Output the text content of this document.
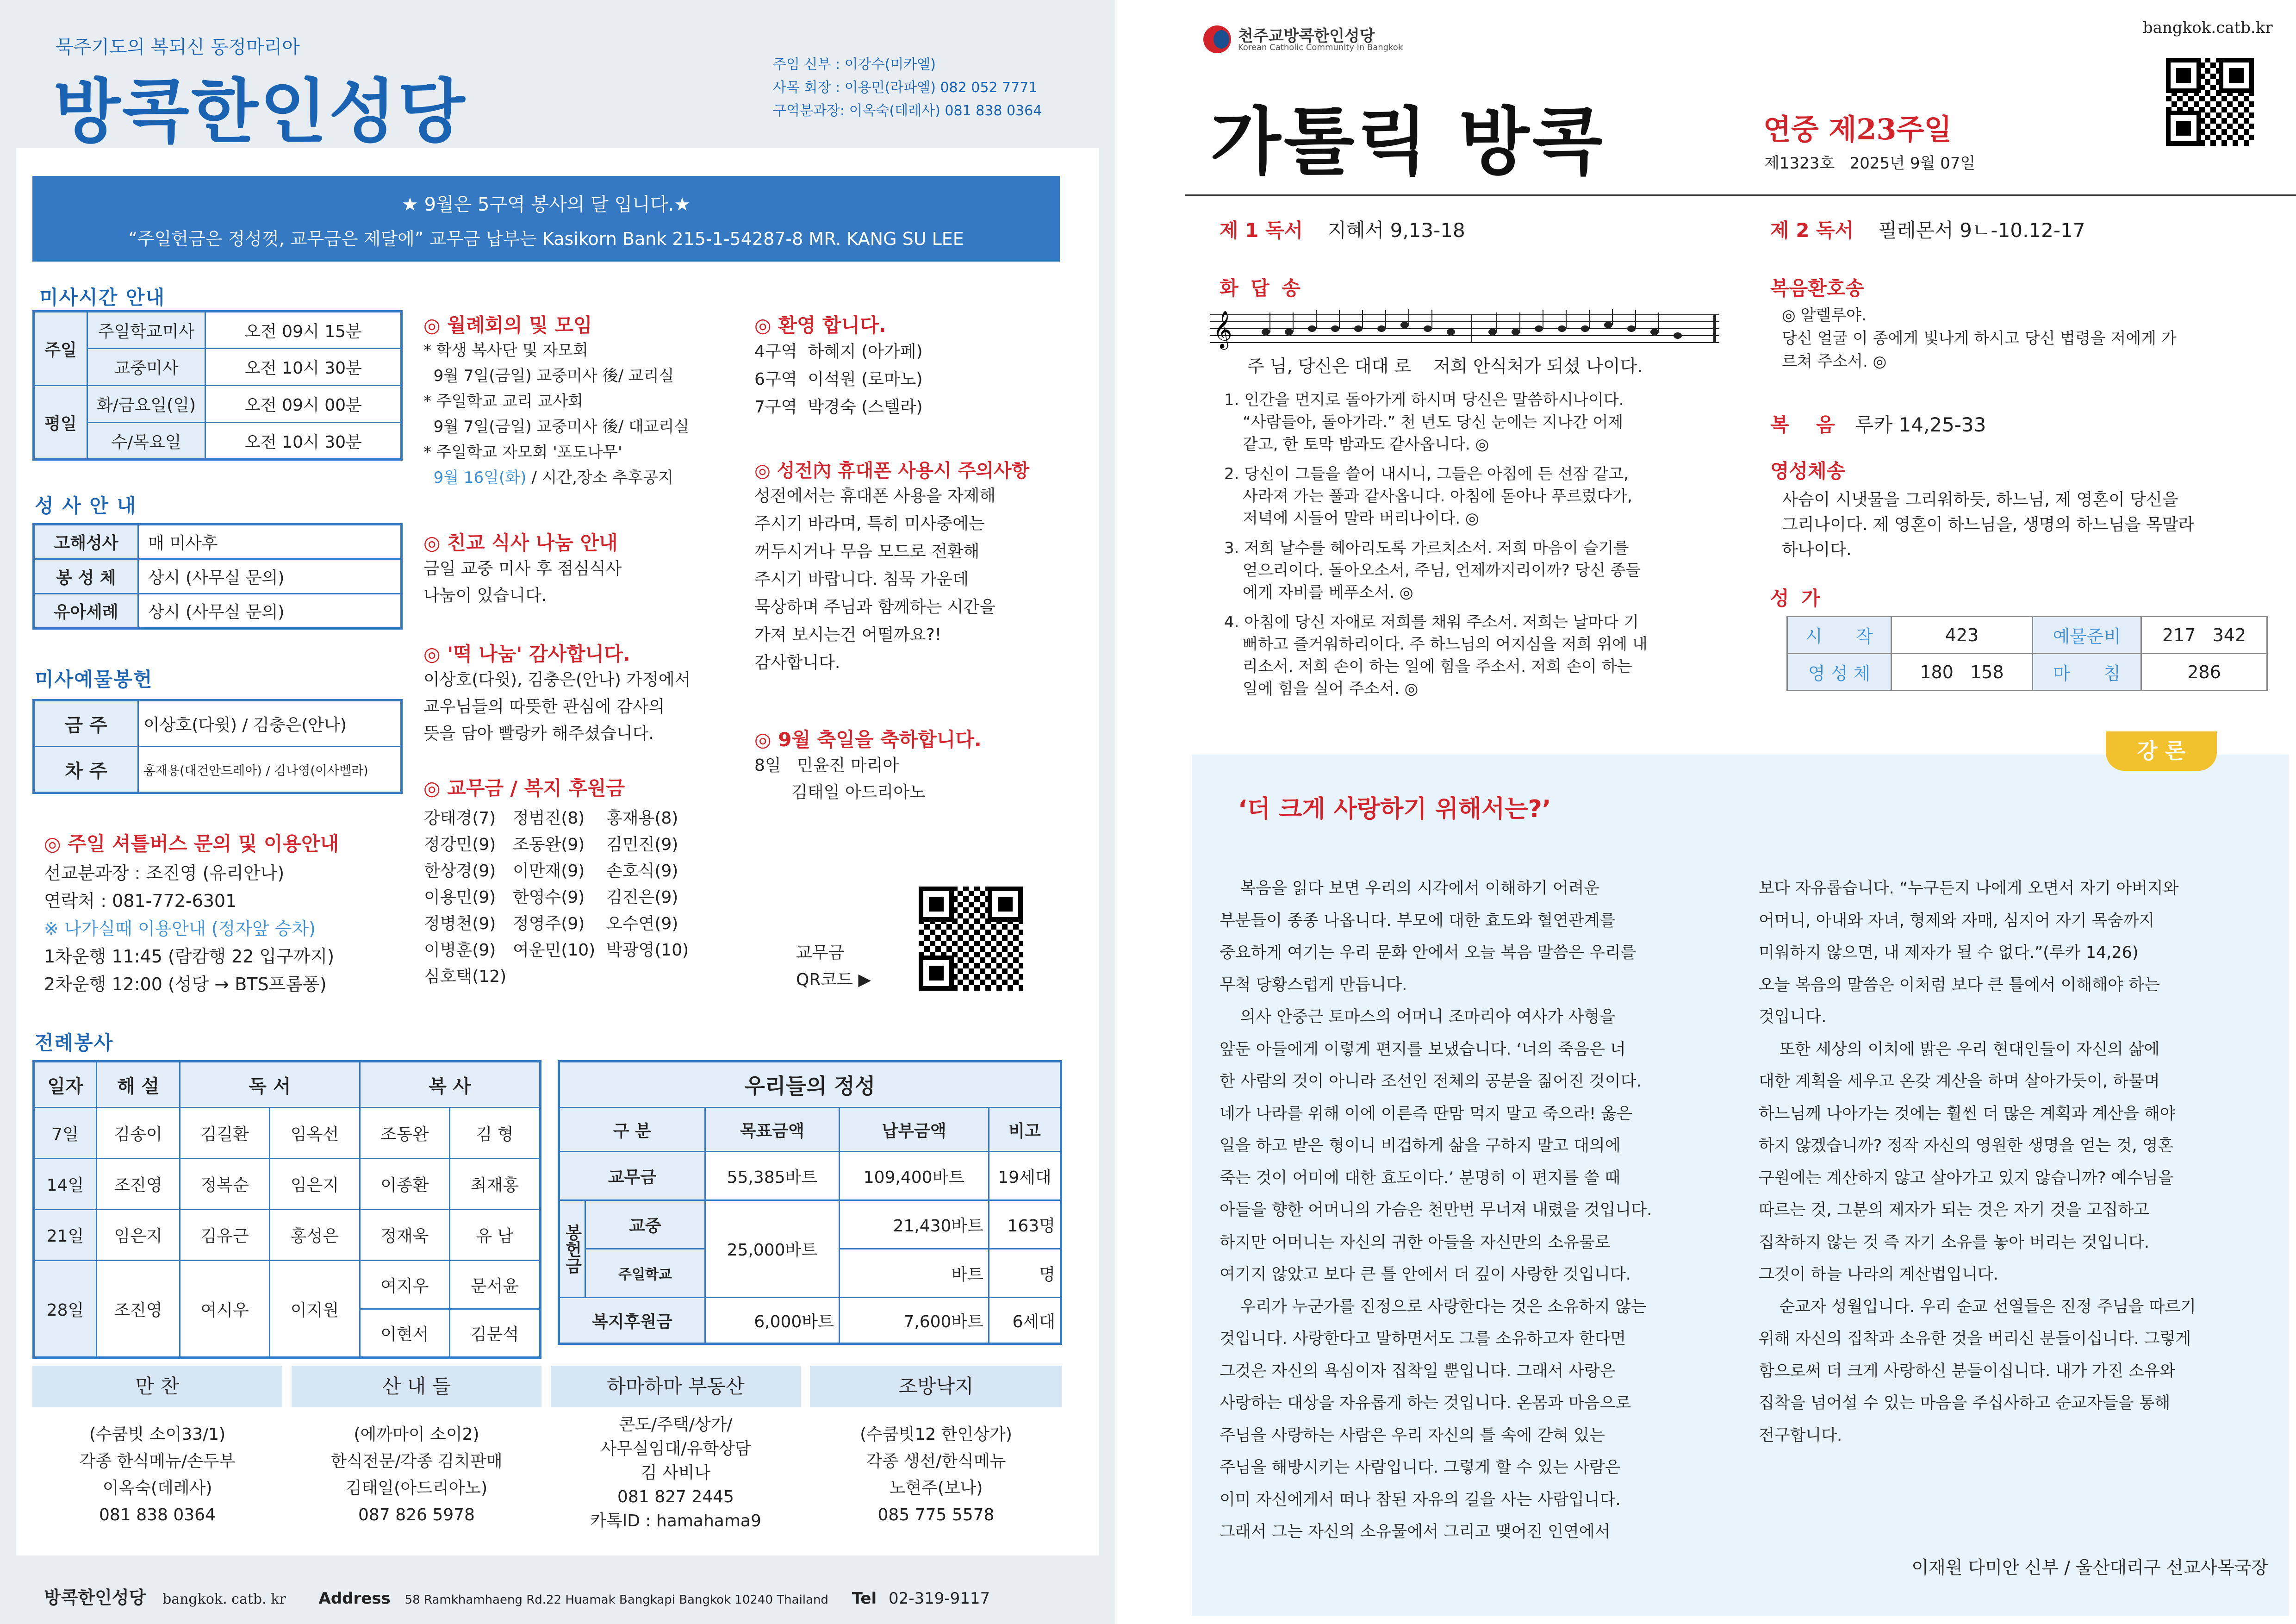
묵주기도의 복되신 동정마리아
방콕한인성당
주임 신부 : 이강수(미카엘)
사목 회장 : 이용민(라파엘) 082 052 7771
구역분과장: 이옥숙(데레사) 081 838 0364
★ 9월은 5구역 봉사의 달 입니다.★
“주일헌금은 정성껏, 교무금은 제달에” 교무금 납부는 Kasikorn Bank 215-1-54287-8 MR. KANG SU LEE
미사시간 안내
주일	주일학교미사	오전 09시 15분
	교중미사	오전 10시 30분
평일	화/금요일(일)	오전 09시 00분
	수/목요일	오전 10시 30분
성 사 안 내
고해성사	매 미사후
봉 성 체	상시 (사무실 문의)
유아세례	상시 (사무실 문의)
미사예물봉헌
금 주	이상호(다윗) / 김충은(안나)
차 주	홍재용(대건안드레아) / 김나영(이사벨라)
◎ 주일 셔틀버스 문의 및 이용안내
선교분과장 : 조진영 (유리안나)
연락처 : 081-772-6301
※ 나가실때 이용안내 (정자앞 승차)
1차운행 11:45 (람캄행 22 입구까지)
2차운행 12:00 (성당 → BTS프롬퐁)
◎ 월례회의 및 모임
* 학생 복사단 및 자모회
9월 7일(금일) 교중미사 後/ 교리실
* 주일학교 교리 교사회
9월 7일(금일) 교중미사 後/ 대교리실
* 주일학교 자모회 '포도나무'
9월 16일(화) / 시간,장소 추후공지
◎ 친교 식사 나눔 안내
금일 교중 미사 후 점심식사
나눔이 있습니다.
◎ '떡 나눔' 감사합니다.
이상호(다윗), 김충은(안나) 가정에서
교우님들의 따뜻한 관심에 감사의
뜻을 담아 빨랑카 해주셨습니다.
◎ 교무금 / 복지 후원금
강태경(7)	정범진(8)	홍재용(8)
정강민(9)	조동완(9)	김민진(9)
한상경(9)	이만재(9)	손호식(9)
이용민(9)	한영수(9)	김진은(9)
정병천(9)	정영주(9)	오수연(9)
이병훈(9)	여운민(10)	박광영(10)
심호택(12)		
◎ 환영 합니다.
4구역  하혜지 (아가페)
6구역  이석원 (로마노)
7구역  박경숙 (스텔라)
◎ 성전內 휴대폰 사용시 주의사항
성전에서는 휴대폰 사용을 자제해
주시기 바라며, 특히 미사중에는
꺼두시거나 무음 모드로 전환해
주시기 바랍니다. 침묵 가운데
묵상하며 주님과 함께하는 시간을
가져 보시는건 어떨까요?!
감사합니다.
◎ 9월 축일을 축하합니다.
8일   민윤진 마리아
김태일 아드리아노
교무금
QR코드 ▶
전례봉사
일자	해 설	독 서		복 사	
7일	김송이	김길환	임옥선	조동완	김 형
14일	조진영	정복순	임은지	이종환	최재홍
21일	임은지	김유근	홍성은	정재욱	유 남
28일	조진영	여시우	이지원	여지우	문서윤
				이현서	김문석
우리들의 정성				
구 분		목표금액	납부금액	비고
교무금		55,385바트	109,400바트	19세대
봉헌금	교중	25,000바트	21,430바트	163명
	주일학교		바트	명
복지후원금		6,000바트	7,600바트	6세대
만 찬
(수쿰빗 소이33/1)
각종 한식메뉴/손두부
이옥숙(데레사)
081 838 0364
산 내 들
(에까마이 소이2)
한식전문/각종 김치판매
김태일(아드리아노)
087 826 5978
하마하마 부동산
콘도/주택/상가/
사무실임대/유학상담
김 사비나
081 827 2445
카톡ID : hamahama9
조방낙지
(수쿰빗12 한인상가)
각종 생선/한식메뉴
노현주(보나)
085 775 5578
방콕한인성당 bangkok. catb. kr Address 58 Ramkhamhaeng Rd.22 Huamak Bangkapi Bangkok 10240 Thailand Tel 02-319-9117
천주교방콕한인성당
Korean Catholic Community in Bangkok
bangkok.catb.kr
가톨릭 방콕	연중 제23주일
제1323호   2025년 9월 07일
제 1 독서 지혜서 9,13-18
화 답 송
𝄞
주 님, 당신은 대대 로    저희 안식처가 되셨 나이다.
1. 인간을 먼지로 돌아가게 하시며 당신은 말씀하시나이다.
“사람들아, 돌아가라.” 천 년도 당신 눈에는 지나간 어제
같고, 한 토막 밤과도 같사옵니다. ◎
2. 당신이 그들을 쓸어 내시니, 그들은 아침에 든 선잠 같고,
사라져 가는 풀과 같사옵니다. 아침에 돋아나 푸르렀다가,
저녁에 시들어 말라 버리나이다. ◎
3. 저희 날수를 헤아리도록 가르치소서. 저희 마음이 슬기를
얻으리이다. 돌아오소서, 주님, 언제까지리이까? 당신 종들
에게 자비를 베푸소서. ◎
4. 아침에 당신 자애로 저희를 채워 주소서. 저희는 날마다 기
뻐하고 즐거워하리이다. 주 하느님의 어지심을 저희 위에 내
리소서. 저희 손이 하는 일에 힘을 주소서. 저희 손이 하는
일에 힘을 실어 주소서. ◎
제 2 독서 필레몬서 9ㄴ-10.12-17
복음환호송
◎ 알렐루야.
당신 얼굴 이 종에게 빛나게 하시고 당신 법령을 저에게 가
르쳐 주소서. ◎
복    음 루카 14,25-33
영성체송
사슴이 시냇물을 그리워하듯, 하느님, 제 영혼이 당신을
그리나이다. 제 영혼이 하느님을, 생명의 하느님을 목말라
하나이다.
성 가
시      작	423	예물준비	217   342
영 성 체	180   158	마      침	286
강 론
‘더 크게 사랑하기 위해서는?’
복음을 읽다 보면 우리의 시각에서 이해하기 어려운
부분들이 종종 나옵니다. 부모에 대한 효도와 혈연관계를
중요하게 여기는 우리 문화 안에서 오늘 복음 말씀은 우리를
무척 당황스럽게 만듭니다.
의사 안중근 토마스의 어머니 조마리아 여사가 사형을
앞둔 아들에게 이렇게 편지를 보냈습니다. ‘너의 죽음은 너
한 사람의 것이 아니라 조선인 전체의 공분을 짊어진 것이다.
네가 나라를 위해 이에 이른즉 딴맘 먹지 말고 죽으라! 옳은
일을 하고 받은 형이니 비겁하게 삶을 구하지 말고 대의에
죽는 것이 어미에 대한 효도이다.’ 분명히 이 편지를 쓸 때
아들을 향한 어머니의 가슴은 천만번 무너져 내렸을 것입니다.
하지만 어머니는 자신의 귀한 아들을 자신만의 소유물로
여기지 않았고 보다 큰 틀 안에서 더 깊이 사랑한 것입니다.
우리가 누군가를 진정으로 사랑한다는 것은 소유하지 않는
것입니다. 사랑한다고 말하면서도 그를 소유하고자 한다면
그것은 자신의 욕심이자 집착일 뿐입니다. 그래서 사랑은
사랑하는 대상을 자유롭게 하는 것입니다. 온몸과 마음으로
주님을 사랑하는 사람은 우리 자신의 틀 속에 갇혀 있는
주님을 해방시키는 사람입니다. 그렇게 할 수 있는 사람은
이미 자신에게서 떠나 참된 자유의 길을 사는 사람입니다.
그래서 그는 자신의 소유물에서 그리고 맺어진 인연에서
보다 자유롭습니다. “누구든지 나에게 오면서 자기 아버지와
어머니, 아내와 자녀, 형제와 자매, 심지어 자기 목숨까지
미워하지 않으면, 내 제자가 될 수 없다.”(루카 14,26)
오늘 복음의 말씀은 이처럼 보다 큰 틀에서 이해해야 하는
것입니다.
또한 세상의 이치에 밝은 우리 현대인들이 자신의 삶에
대한 계획을 세우고 온갖 계산을 하며 살아가듯이, 하물며
하느님께 나아가는 것에는 훨씬 더 많은 계획과 계산을 해야
하지 않겠습니까? 정작 자신의 영원한 생명을 얻는 것, 영혼
구원에는 계산하지 않고 살아가고 있지 않습니까? 예수님을
따르는 것, 그분의 제자가 되는 것은 자기 것을 고집하고
집착하지 않는 것 즉 자기 소유를 놓아 버리는 것입니다.
그것이 하늘 나라의 계산법입니다.
순교자 성월입니다. 우리 순교 선열들은 진정 주님을 따르기
위해 자신의 집착과 소유한 것을 버리신 분들이십니다. 그렇게
함으로써 더 크게 사랑하신 분들이십니다. 내가 가진 소유와
집착을 넘어설 수 있는 마음을 주십사하고 순교자들을 통해
전구합니다.
이재원 다미안 신부 / 울산대리구 선교사목국장
